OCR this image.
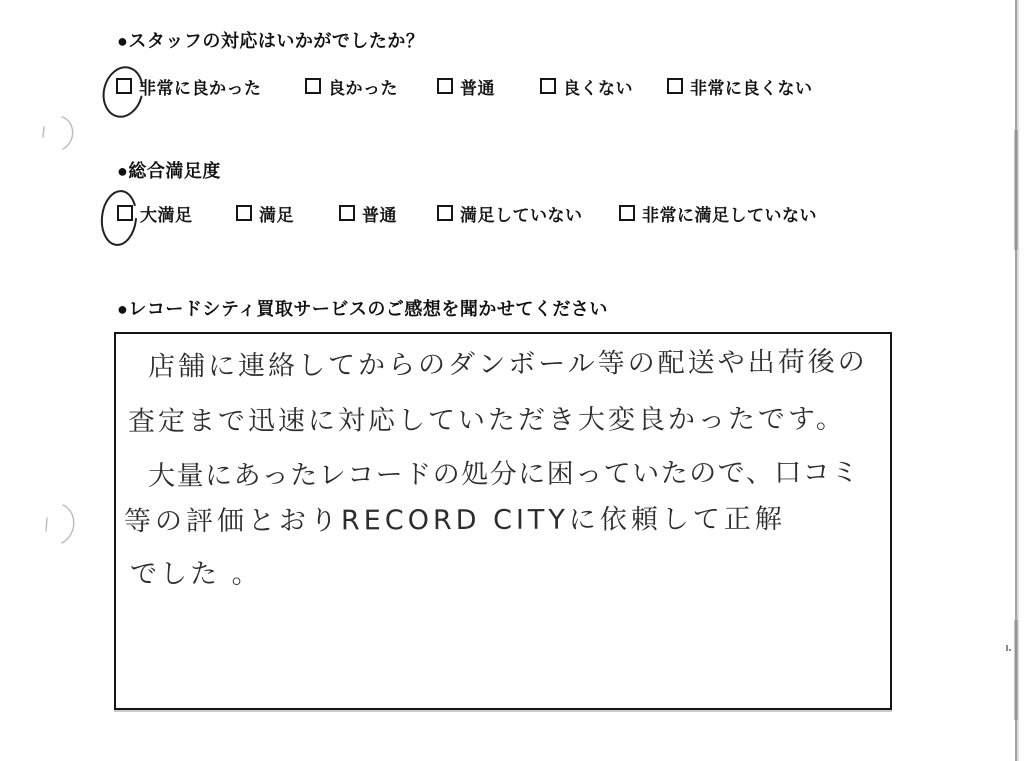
●スタッフの対応はいかがでしたか？
非常に良かった	良かった	普通	良くない	非常に良くない
●総合満足度
大満足	満足	普通	満足していない	非常に満足していない
●レコードシティ買取サービスのご感想を聞かせてください
店舗に連絡してからのダンボール等の配送や出荷後の
査定まで迅速に対応していただき大変良かったです。
大量にあったレコードの処分に困っていたので、口コミ
等の評価とおりRECORD CITYに依頼して正解
でした 。
